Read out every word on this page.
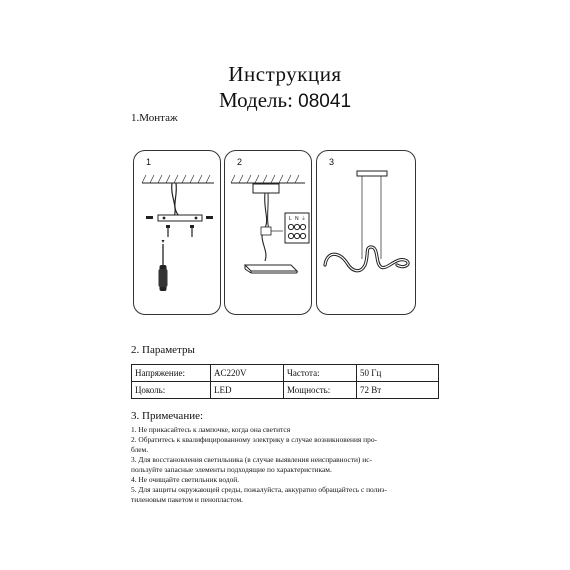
Инструкция
Модель: 08041
1.Монтаж
1	2
L N ⏚
3
2. Параметры
Напряжение:	AC220V	Частота:	50 Гц
Цоколь:	LED	Мощность:	72 Вт
3. Примечание:
1. Не прикасайтесь к лампочке, когда она светится
2. Обратитесь к квалифицированному электрику в случае возникновения про-
блем.
3. Для восстановления светильника (в случае выявления неисправности) ис-
пользуйте запасные элементы подходящие по характеристикам.
4. Не очищайте светильник водой.
5. Для защиты окружающей среды, пожалуйста, аккуратно обращайтесь с полиэ-
тиленовым пакетом и пенопластом.
